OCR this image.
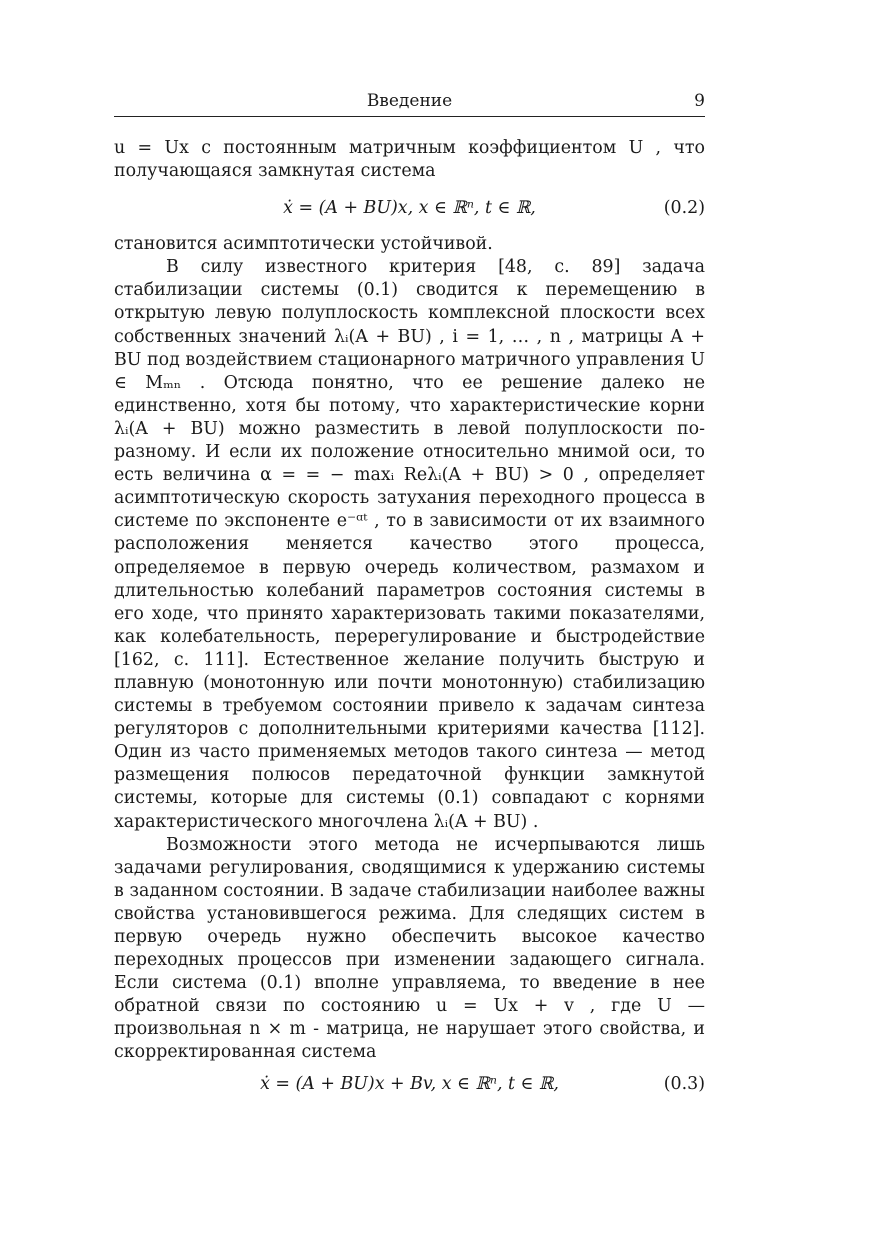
Введение	9

u = Ux с постоянным матричным коэффициентом U , что получающаяся замкнутая система

ẋ = (A + BU)x, x ∈ ℝⁿ, t ∈ ℝ,	(0.2)

становится асимптотически устойчивой.

В силу известного критерия [48, с. 89] задача стабилизации системы (0.1) сводится к перемещению в открытую левую полуплоскость комплексной плоскости всех собственных значений λᵢ(A + BU) , i = 1, … , n , матрицы A + BU под воздействием стационарного матричного управления U ∈ Mₘₙ . Отсюда понятно, что ее решение далеко не единственно, хотя бы потому, что характеристические корни λᵢ(A + BU) можно разместить в левой полуплоскости по-разному. И если их положение относительно мнимой оси, то есть величина α = = − maxᵢ Reλᵢ(A + BU) > 0 , определяет асимптотическую скорость затухания переходного процесса в системе по экспоненте e⁻ᵅᵗ , то в зависимости от их взаимного расположения меняется качество этого процесса, определяемое в первую очередь количеством, размахом и длительностью колебаний параметров состояния системы в его ходе, что принято характеризовать такими показателями, как колебательность, перерегулирование и быстродействие [162, с. 111]. Естественное желание получить быструю и плавную (монотонную или почти монотонную) стабилизацию системы в требуемом состоянии привело к задачам синтеза регуляторов с дополнительными критериями качества [112]. Один из часто применяемых методов такого синтеза — метод размещения полюсов передаточной функции замкнутой системы, которые для системы (0.1) совпадают с корнями характеристического многочлена λᵢ(A + BU) .

Возможности этого метода не исчерпываются лишь задачами регулирования, сводящимися к удержанию системы в заданном состоянии. В задаче стабилизации наиболее важны свойства установившегося режима. Для следящих систем в первую очередь нужно обеспечить высокое качество переходных процессов при изменении задающего сигнала. Если система (0.1) вполне управляема, то введение в нее обратной связи по состоянию u = Ux + v , где U — произвольная n × m - матрица, не нарушает этого свойства, и скорректированная система

ẋ = (A + BU)x + Bv, x ∈ ℝⁿ, t ∈ ℝ,	(0.3)
